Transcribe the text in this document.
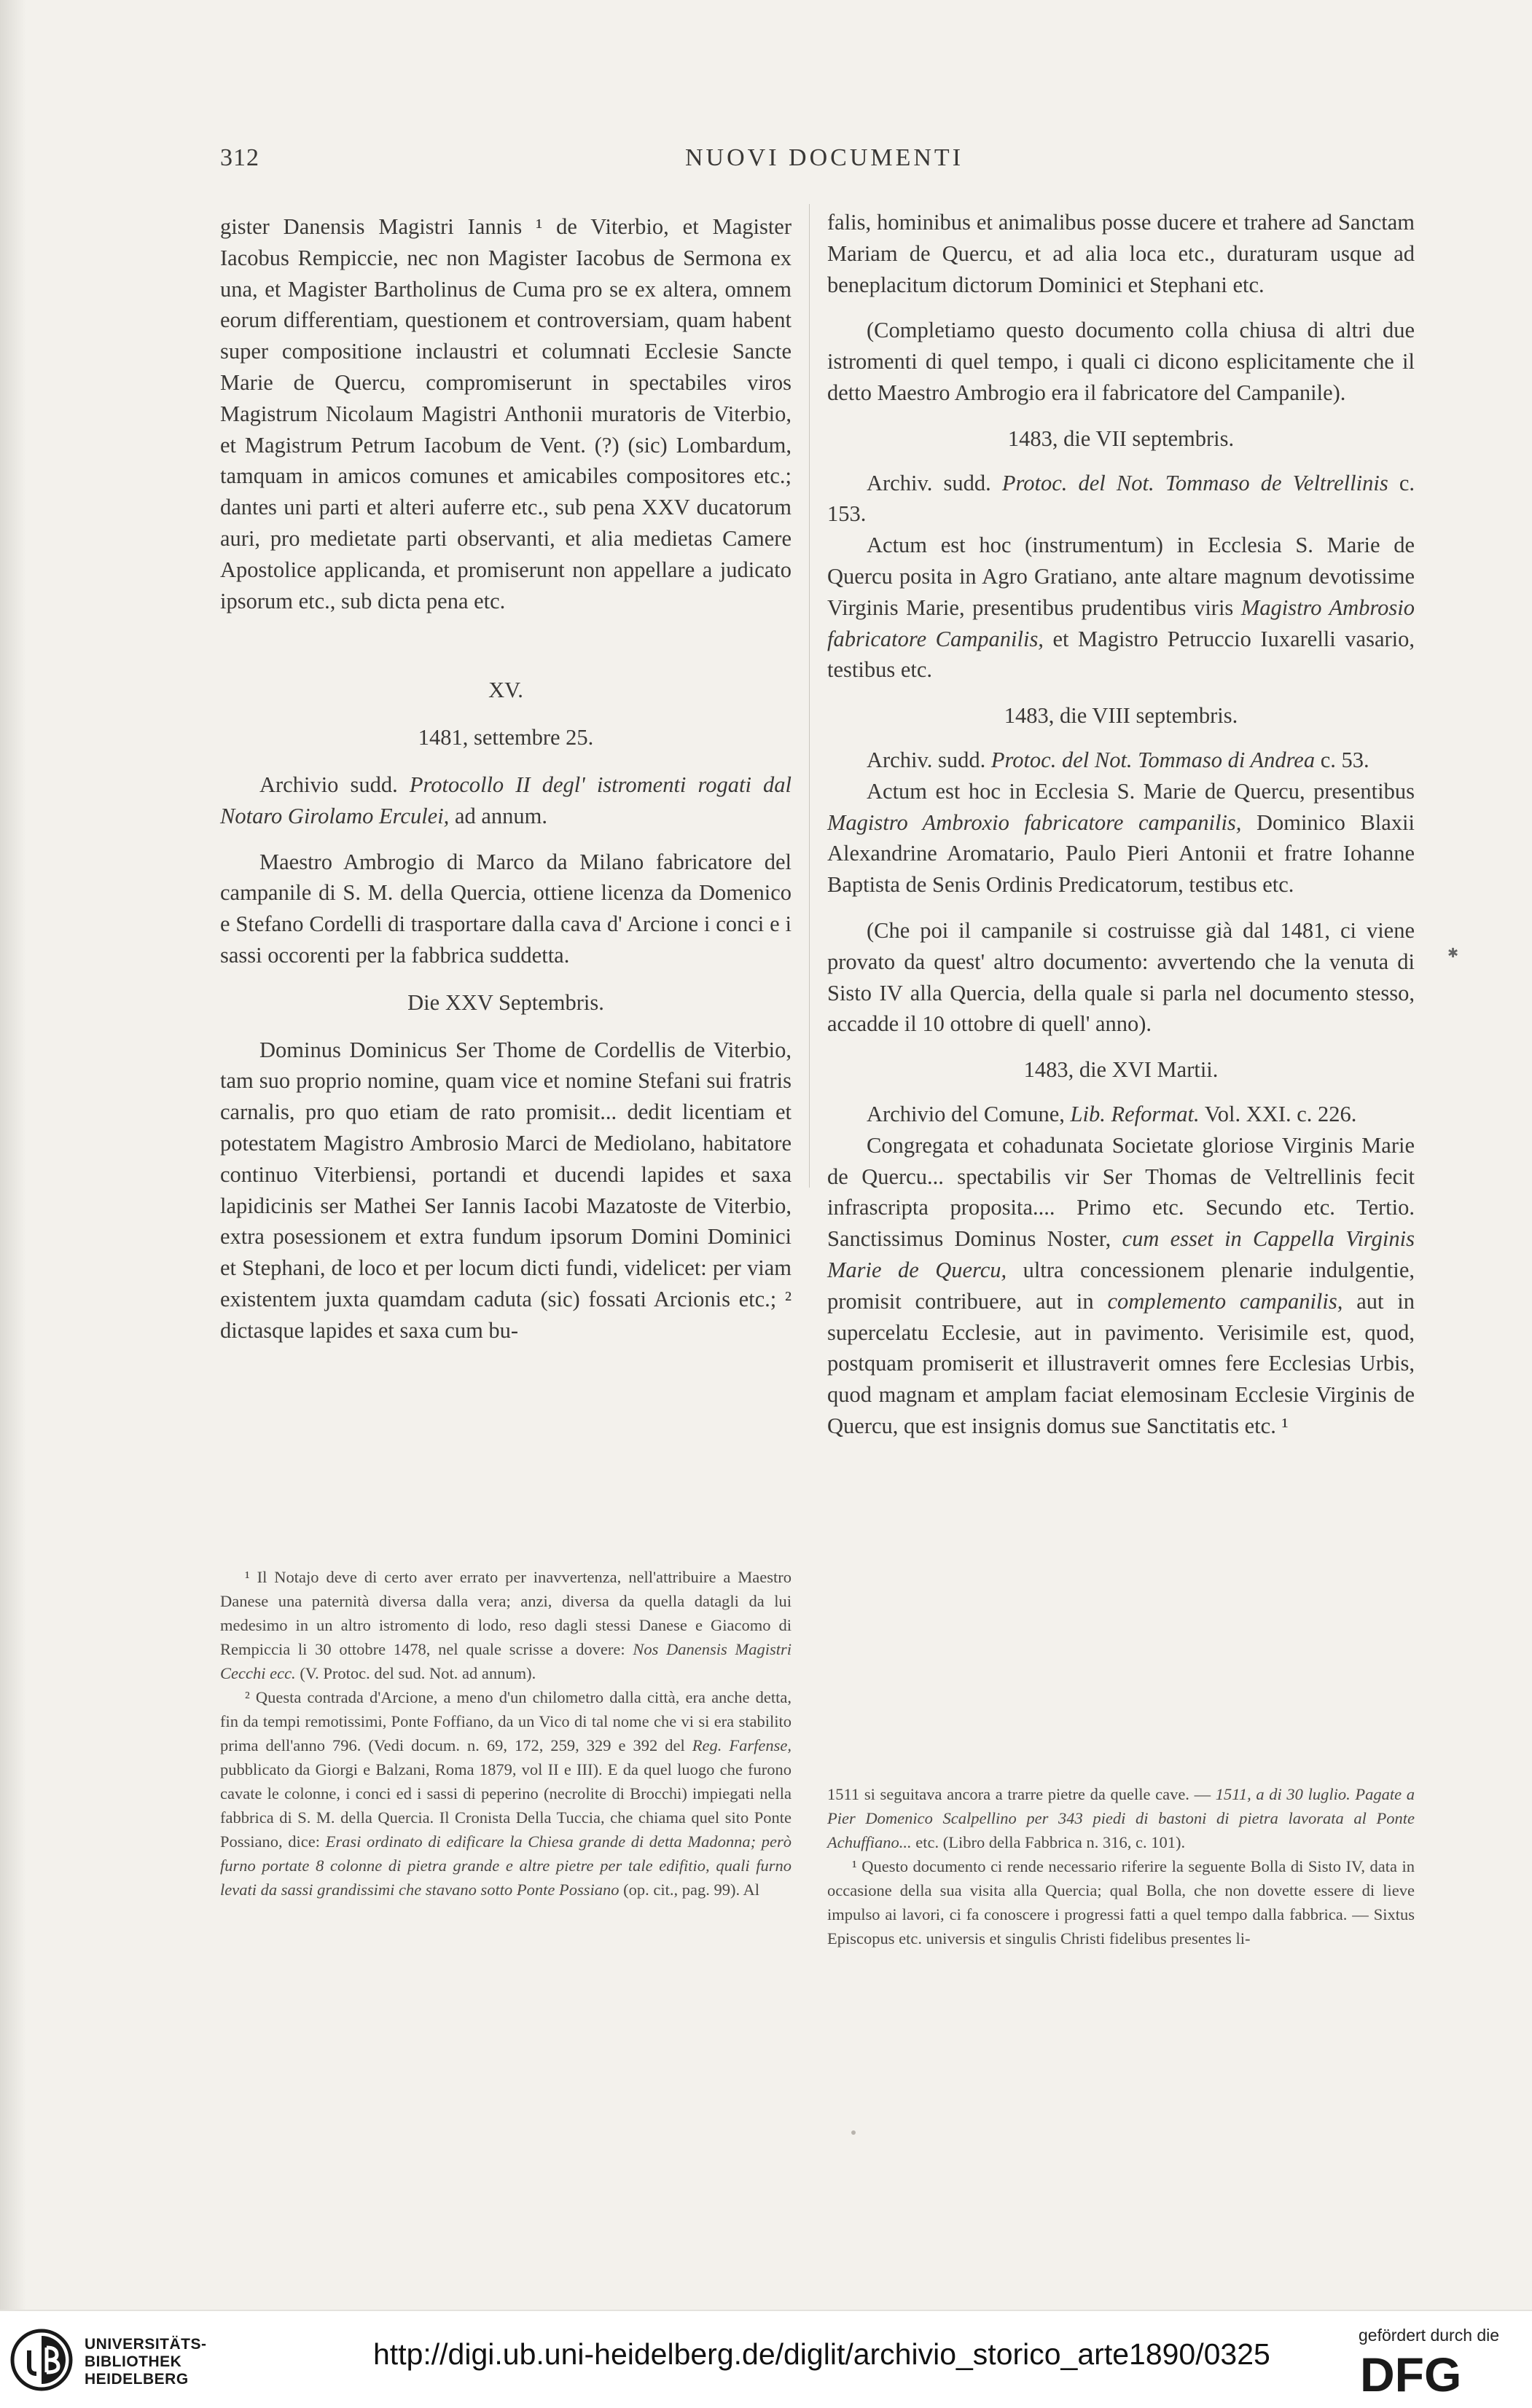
312	NUOVI DOCUMENTI

gister Danensis Magistri Iannis ¹ de Viterbio, et Magister Iacobus Rempiccie, nec non Magister Iacobus de Sermona ex una, et Magister Bartholinus de Cuma pro se ex altera, omnem eorum differentiam, questionem et controversiam, quam habent super compositione inclaustri et columnati Ecclesie Sancte Marie de Quercu, compromiserunt in spectabiles viros Magistrum Nicolaum Magistri Anthonii muratoris de Viterbio, et Magistrum Petrum Iacobum de Vent. (?) (sic) Lombardum, tamquam in amicos comunes et amicabiles compositores etc.; dantes uni parti et alteri auferre etc., sub pena XXV ducatorum auri, pro medietate parti observanti, et alia medietas Camere Apostolice applicanda, et promiserunt non appellare a judicato ipsorum etc., sub dicta pena etc.

XV.

1481, settembre 25.

Archivio sudd. Protocollo II degl' istromenti rogati dal Notaro Girolamo Erculei, ad annum.

Maestro Ambrogio di Marco da Milano fabricatore del campanile di S. M. della Quercia, ottiene licenza da Domenico e Stefano Cordelli di trasportare dalla cava d' Arcione i conci e i sassi occorenti per la fabbrica suddetta.

Die XXV Septembris.

Dominus Dominicus Ser Thome de Cordellis de Viterbio, tam suo proprio nomine, quam vice et nomine Stefani sui fratris carnalis, pro quo etiam de rato promisit... dedit licentiam et potestatem Magistro Ambrosio Marci de Mediolano, habitatore continuo Viterbiensi, portandi et ducendi lapides et saxa lapidicinis ser Mathei Ser Iannis Iacobi Mazatoste de Viterbio, extra posessionem et extra fundum ipsorum Domini Dominici et Stephani, de loco et per locum dicti fundi, videlicet: per viam existentem juxta quamdam caduta (sic) fossati Arcionis etc.; ² dictasque lapides et saxa cum bu-

falis, hominibus et animalibus posse ducere et trahere ad Sanctam Mariam de Quercu, et ad alia loca etc., duraturam usque ad beneplacitum dictorum Dominici et Stephani etc.

(Completiamo questo documento colla chiusa di altri due istromenti di quel tempo, i quali ci dicono esplicitamente che il detto Maestro Ambrogio era il fabricatore del Campanile).

1483, die VII septembris.

Archiv. sudd. Protoc. del Not. Tommaso de Veltrellinis c. 153.

Actum est hoc (instrumentum) in Ecclesia S. Marie de Quercu posita in Agro Gratiano, ante altare magnum devotissime Virginis Marie, presentibus prudentibus viris Magistro Ambrosio fabricatore Campanilis, et Magistro Petruccio Iuxarelli vasario, testibus etc.

1483, die VIII septembris.

Archiv. sudd. Protoc. del Not. Tommaso di Andrea c. 53.

Actum est hoc in Ecclesia S. Marie de Quercu, presentibus Magistro Ambroxio fabricatore campanilis, Dominico Blaxii Alexandrine Aromatario, Paulo Pieri Antonii et fratre Iohanne Baptista de Senis Ordinis Predicatorum, testibus etc.

(Che poi il campanile si costruisse già dal 1481, ci viene provato da quest' altro documento: avvertendo che la venuta di Sisto IV alla Quercia, della quale si parla nel documento stesso, accadde il 10 ottobre di quell' anno).

1483, die XVI Martii.

Archivio del Comune, Lib. Reformat. Vol. XXI. c. 226.

Congregata et cohadunata Societate gloriose Virginis Marie de Quercu... spectabilis vir Ser Thomas de Veltrellinis fecit infrascripta proposita.... Primo etc. Secundo etc. Tertio. Sanctissimus Dominus Noster, cum esset in Cappella Virginis Marie de Quercu, ultra concessionem plenarie indulgentie, promisit contribuere, aut in complemento campanilis, aut in supercelatu Ecclesie, aut in pavimento. Verisimile est, quod, postquam promiserit et illustraverit omnes fere Ecclesias Urbis, quod magnam et amplam faciat elemosinam Ecclesie Virginis de Quercu, que est insignis domus sue Sanctitatis etc. ¹

¹ Il Notajo deve di certo aver errato per inavvertenza, nell'attribuire a Maestro Danese una paternità diversa dalla vera; anzi, diversa da quella datagli da lui medesimo in un altro istromento di lodo, reso dagli stessi Danese e Giacomo di Rempiccia li 30 ottobre 1478, nel quale scrisse a dovere: Nos Danensis Magistri Cecchi ecc. (V. Protoc. del sud. Not. ad annum).

² Questa contrada d'Arcione, a meno d'un chilometro dalla città, era anche detta, fin da tempi remotissimi, Ponte Foffiano, da un Vico di tal nome che vi si era stabilito prima dell'anno 796. (Vedi docum. n. 69, 172, 259, 329 e 392 del Reg. Farfense, pubblicato da Giorgi e Balzani, Roma 1879, vol II e III). E da quel luogo che furono cavate le colonne, i conci ed i sassi di peperino (necrolite di Brocchi) impiegati nella fabbrica di S. M. della Quercia. Il Cronista Della Tuccia, che chiama quel sito Ponte Possiano, dice: Erasi ordinato di edificare la Chiesa grande di detta Madonna; però furno portate 8 colonne di pietra grande e altre pietre per tale edifitio, quali furno levati da sassi grandissimi che stavano sotto Ponte Possiano (op. cit., pag. 99). Al

1511 si seguitava ancora a trarre pietre da quelle cave. — 1511, a di 30 luglio. Pagate a Pier Domenico Scalpellino per 343 piedi di bastoni di pietra lavorata al Ponte Achuffiano... etc. (Libro della Fabbrica n. 316, c. 101).

¹ Questo documento ci rende necessario riferire la seguente Bolla di Sisto IV, data in occasione della sua visita alla Quercia; qual Bolla, che non dovette essere di lieve impulso ai lavori, ci fa conoscere i progressi fatti a quel tempo dalla fabbrica. — Sixtus Episcopus etc. universis et singulis Christi fidelibus presentes li-

✱
UNIVERSITÄTS-
BIBLIOTHEK
HEIDELBERG
http://digi.ub.uni-heidelberg.de/diglit/archivio_storico_arte1890/0325
gefördert durch die
DFG
